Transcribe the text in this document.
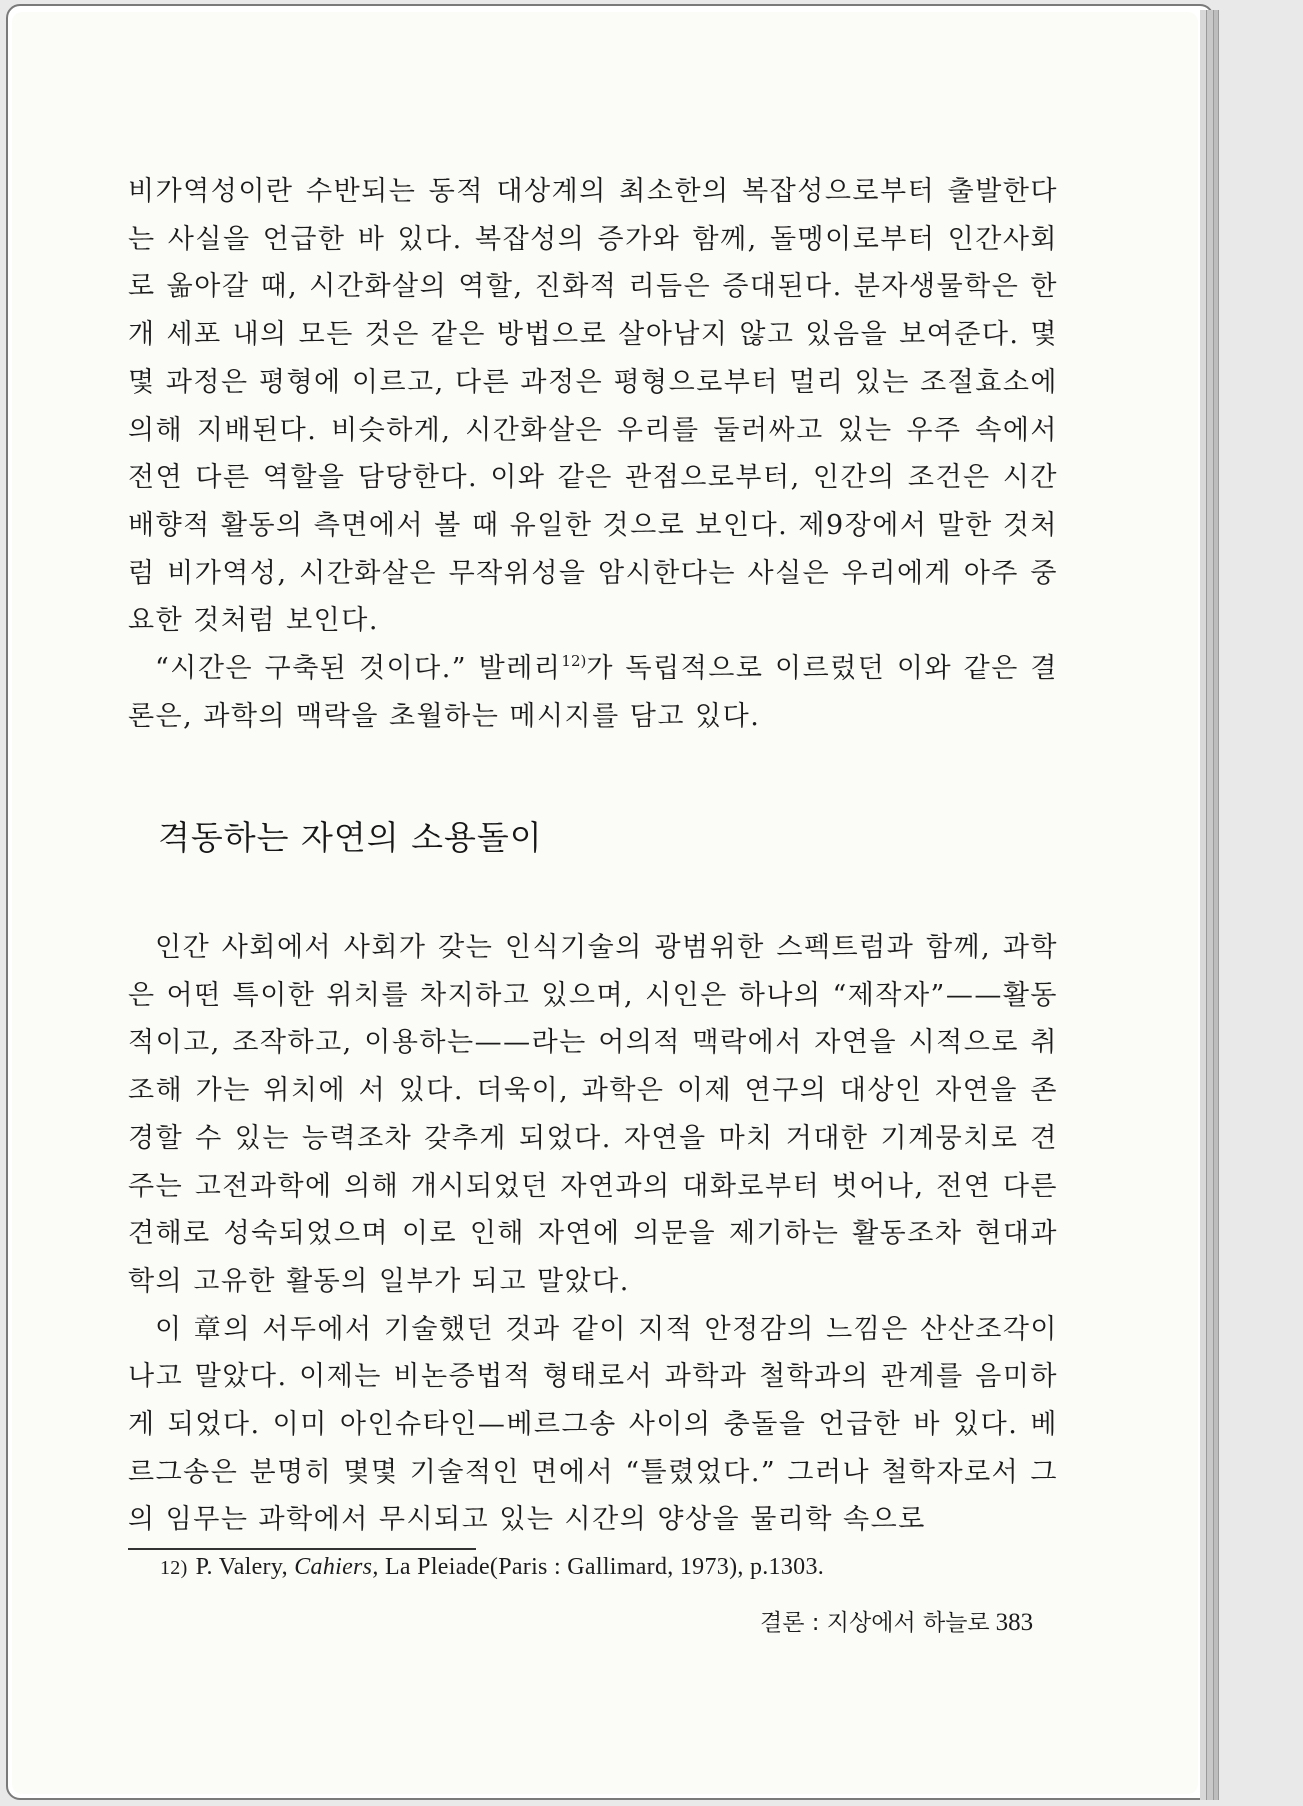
비가역성이란 수반되는 동적 대상계의 최소한의 복잡성으로부터 출발한다는 사실을 언급한 바 있다. 복잡성의 증가와 함께, 돌멩이로부터 인간사회로 옮아갈 때, 시간화살의 역할, 진화적 리듬은 증대된다. 분자생물학은 한 개 세포 내의 모든 것은 같은 방법으로 살아남지 않고 있음을 보여준다. 몇몇 과정은 평형에 이르고, 다른 과정은 평형으로부터 멀리 있는 조절효소에 의해 지배된다. 비슷하게, 시간화살은 우리를 둘러싸고 있는 우주 속에서 전연 다른 역할을 담당한다. 이와 같은 관점으로부터, 인간의 조건은 시간 배향적 활동의 측면에서 볼 때 유일한 것으로 보인다. 제9장에서 말한 것처럼 비가역성, 시간화살은 무작위성을 암시한다는 사실은 우리에게 아주 중요한 것처럼 보인다.

“시간은 구축된 것이다.” 발레리$^{12)}$가 독립적으로 이르렀던 이와 같은 결론은, 과학의 맥락을 초월하는 메시지를 담고 있다.

격동하는 자연의 소용돌이

인간 사회에서 사회가 갖는 인식기술의 광범위한 스펙트럼과 함께, 과학은 어떤 특이한 위치를 차지하고 있으며, 시인은 하나의 “제작자”——활동적이고, 조작하고, 이용하는——라는 어의적 맥락에서 자연을 시적으로 취조해 가는 위치에 서 있다. 더욱이, 과학은 이제 연구의 대상인 자연을 존경할 수 있는 능력조차 갖추게 되었다. 자연을 마치 거대한 기계뭉치로 견주는 고전과학에 의해 개시되었던 자연과의 대화로부터 벗어나, 전연 다른 견해로 성숙되었으며 이로 인해 자연에 의문을 제기하는 활동조차 현대과학의 고유한 활동의 일부가 되고 말았다.

이 章의 서두에서 기술했던 것과 같이 지적 안정감의 느낌은 산산조각이 나고 말았다. 이제는 비논증법적 형태로서 과학과 철학과의 관계를 음미하게 되었다. 이미 아인슈타인—베르그송 사이의 충돌을 언급한 바 있다. 베르그송은 분명히 몇몇 기술적인 면에서 “틀렸었다.” 그러나 철학자로서 그의 임무는 과학에서 무시되고 있는 시간의 양상을 물리학 속으로

12) P. Valery, Cahiers, La Pleiade(Paris : Gallimard, 1973), p.1303.

결론 : 지상에서 하늘로 383
